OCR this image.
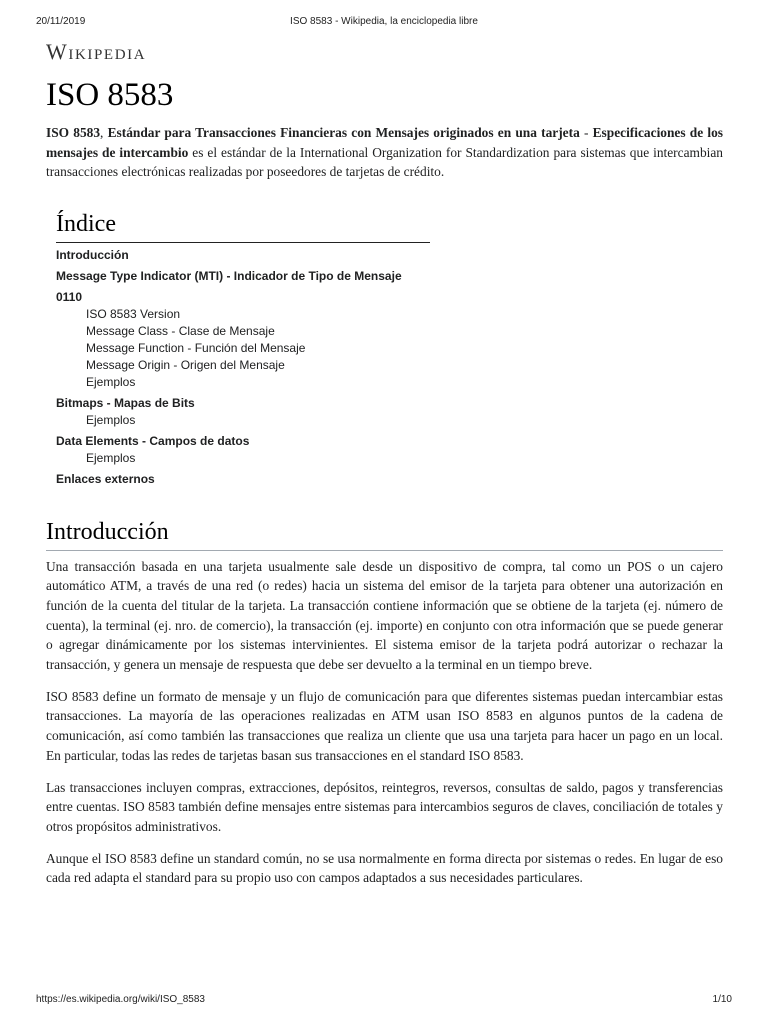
20/11/2019	ISO 8583 - Wikipedia, la enciclopedia libre
Wikipedia
ISO 8583

ISO 8583, Estándar para Transacciones Financieras con Mensajes originados en una tarjeta - Especificaciones de los mensajes de intercambio es el estándar de la International Organization for Standardization para sistemas que intercambian transacciones electrónicas realizadas por poseedores de tarjetas de crédito.

Índice
Introducción
Message Type Indicator (MTI) - Indicador de Tipo de Mensaje
0110
ISO 8583 Version
Message Class - Clase de Mensaje
Message Function - Función del Mensaje
Message Origin - Origen del Mensaje
Ejemplos
Bitmaps - Mapas de Bits
Ejemplos
Data Elements - Campos de datos
Ejemplos
Enlaces externos
Introducción

Una transacción basada en una tarjeta usualmente sale desde un dispositivo de compra, tal como un POS o un cajero automático ATM, a través de una red (o redes) hacia un sistema del emisor de la tarjeta para obtener una autorización en función de la cuenta del titular de la tarjeta. La transacción contiene información que se obtiene de la tarjeta (ej. número de cuenta), la terminal (ej. nro. de comercio), la transacción (ej. importe) en conjunto con otra información que se puede generar o agregar dinámicamente por los sistemas intervinientes. El sistema emisor de la tarjeta podrá autorizar o rechazar la transacción, y genera un mensaje de respuesta que debe ser devuelto a la terminal en un tiempo breve.

ISO 8583 define un formato de mensaje y un flujo de comunicación para que diferentes sistemas puedan intercambiar estas transacciones. La mayoría de las operaciones realizadas en ATM usan ISO 8583 en algunos puntos de la cadena de comunicación, así como también las transacciones que realiza un cliente que usa una tarjeta para hacer un pago en un local. En particular, todas las redes de tarjetas basan sus transacciones en el standard ISO 8583.

Las transacciones incluyen compras, extracciones, depósitos, reintegros, reversos, consultas de saldo, pagos y transferencias entre cuentas. ISO 8583 también define mensajes entre sistemas para intercambios seguros de claves, conciliación de totales y otros propósitos administrativos.

Aunque el ISO 8583 define un standard común, no se usa normalmente en forma directa por sistemas o redes. En lugar de eso cada red adapta el standard para su propio uso con campos adaptados a sus necesidades particulares.

https://es.wikipedia.org/wiki/ISO_8583	1/10
